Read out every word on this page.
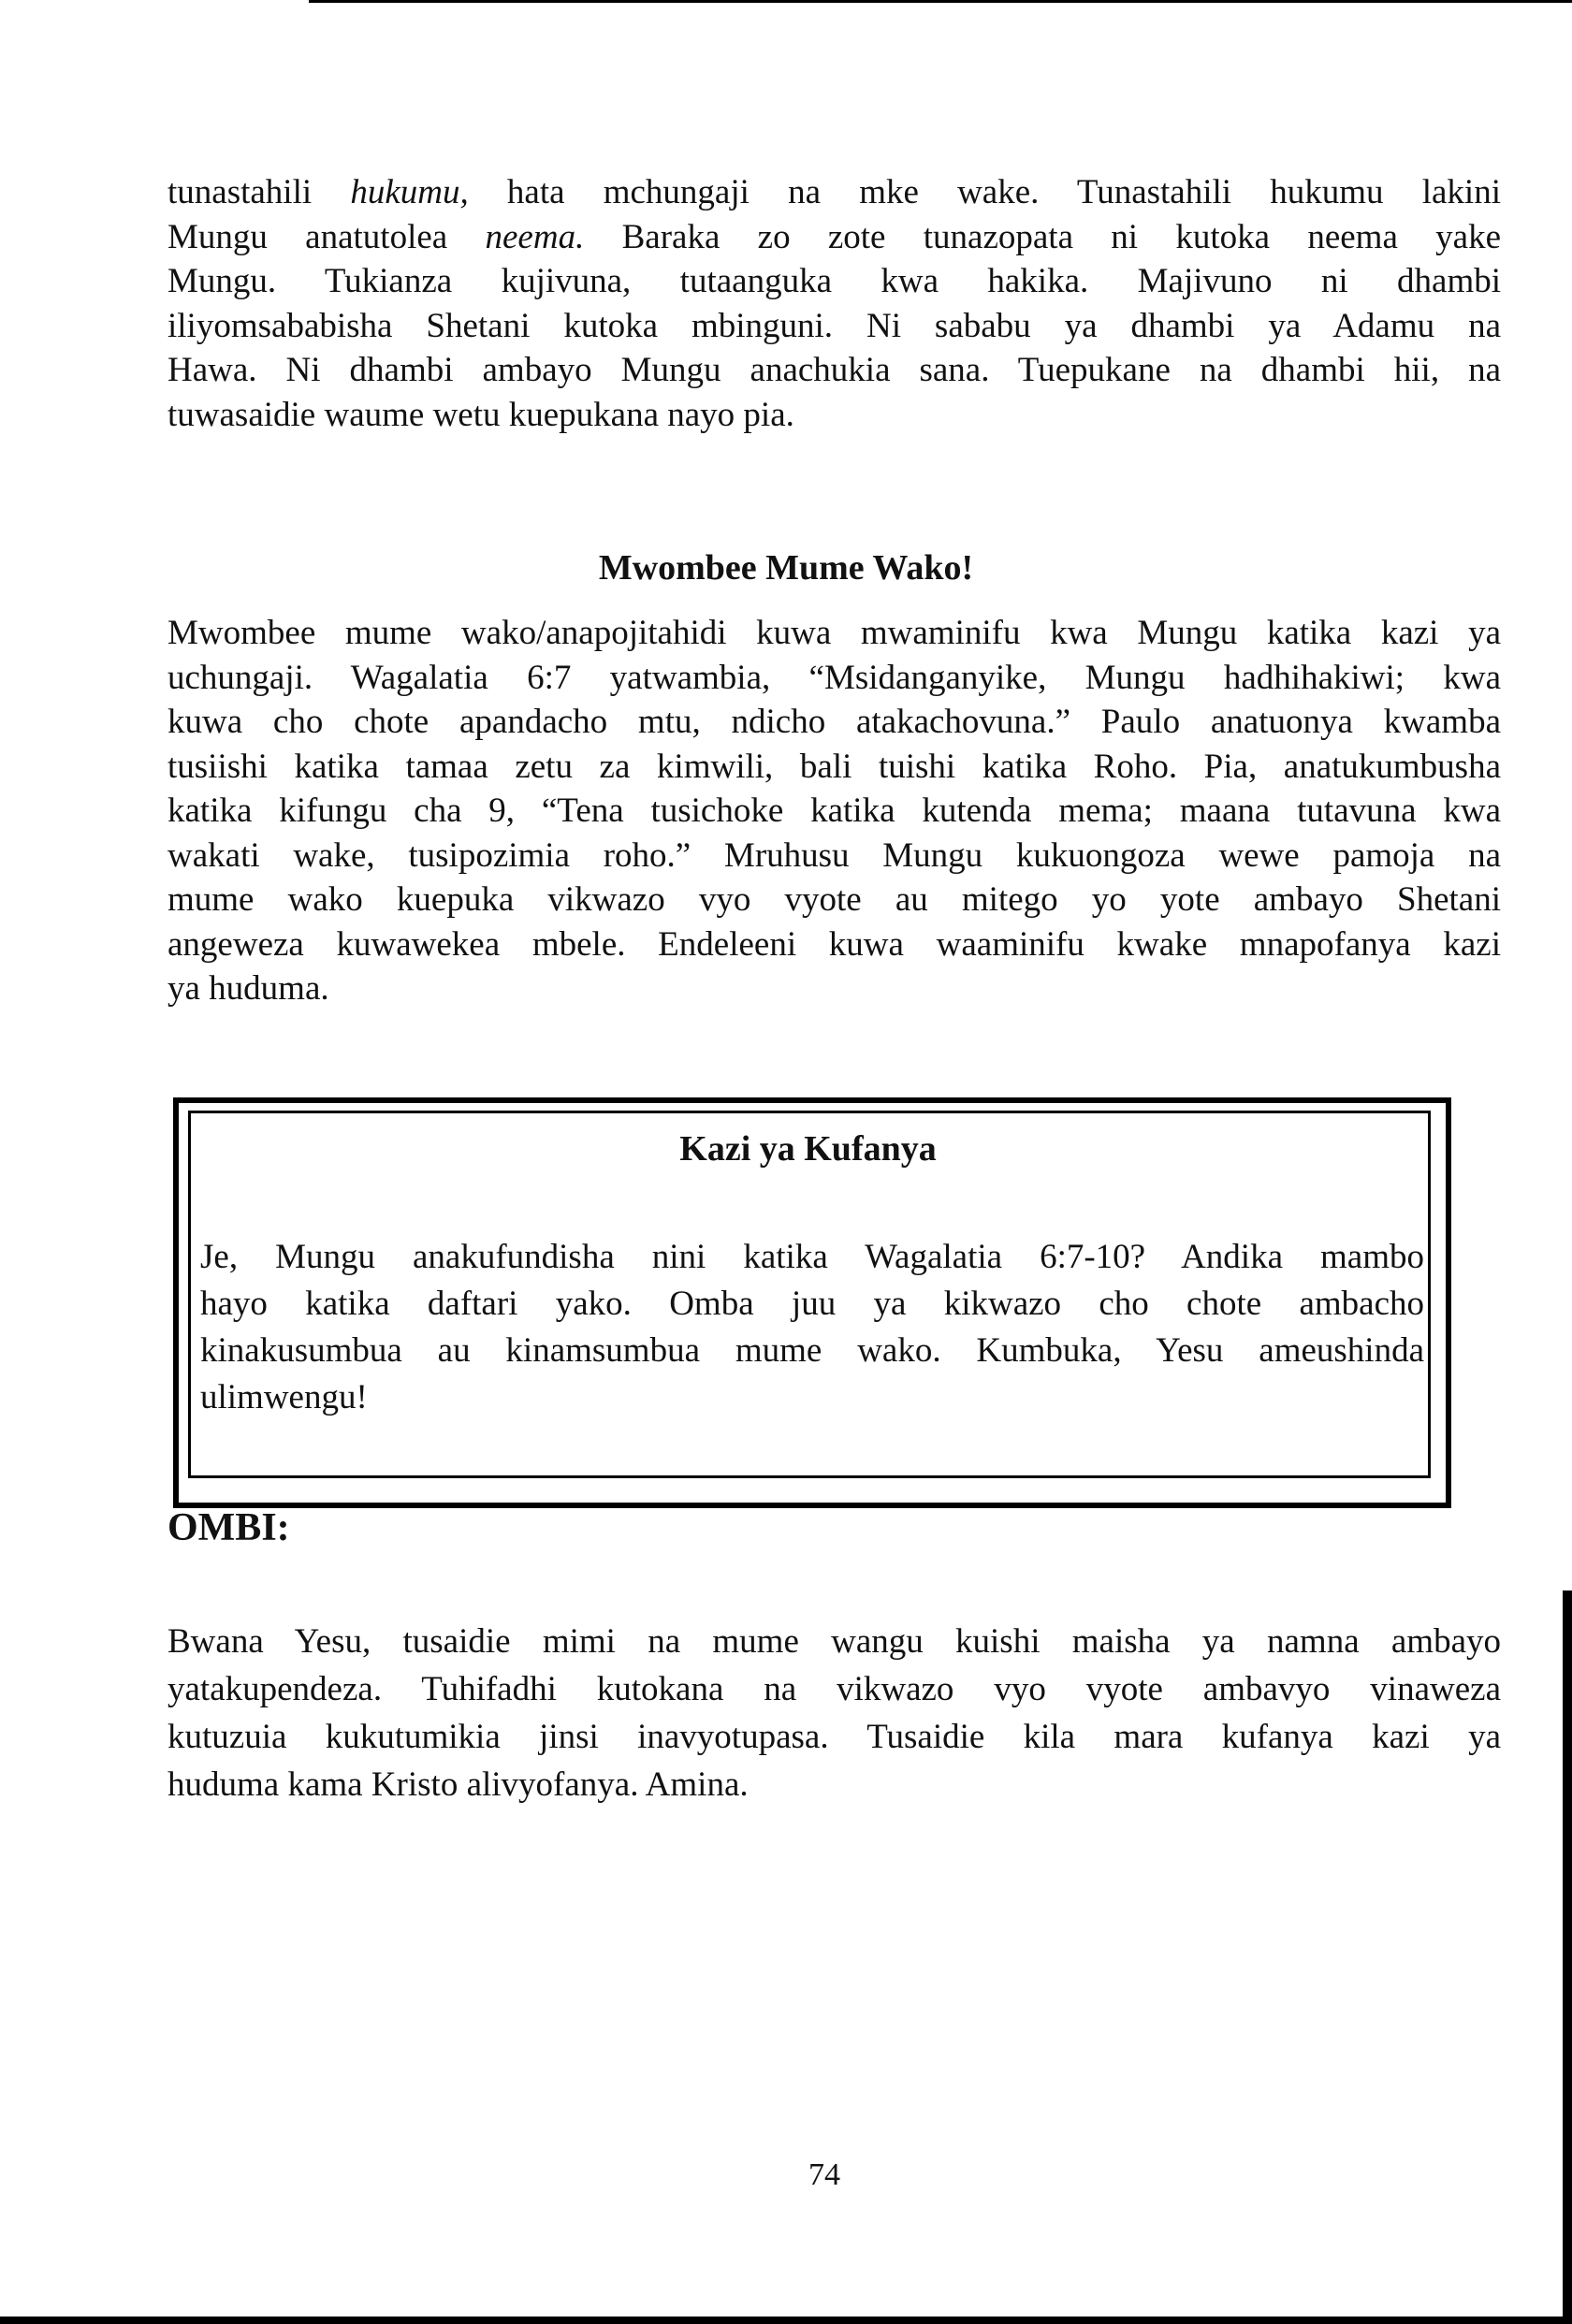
tunastahili hukumu, hata mchungaji na mke wake. Tunastahili hukumu lakini
Mungu anatutolea neema. Baraka zo zote tunazopata ni kutoka neema yake
Mungu. Tukianza kujivuna, tutaanguka kwa hakika. Majivuno ni dhambi
iliyomsababisha Shetani kutoka mbinguni. Ni sababu ya dhambi ya Adamu na
Hawa. Ni dhambi ambayo Mungu anachukia sana. Tuepukane na dhambi hii, na
tuwasaidie waume wetu kuepukana nayo pia.
Mwombee Mume Wako!
Mwombee mume wako/anapojitahidi kuwa mwaminifu kwa Mungu katika kazi ya
uchungaji. Wagalatia 6:7 yatwambia, “Msidanganyike, Mungu hadhihakiwi; kwa
kuwa cho chote apandacho mtu, ndicho atakachovuna.” Paulo anatuonya kwamba
tusiishi katika tamaa zetu za kimwili, bali tuishi katika Roho. Pia, anatukumbusha
katika kifungu cha 9, “Tena tusichoke katika kutenda mema; maana tutavuna kwa
wakati wake, tusipozimia roho.” Mruhusu Mungu kukuongoza wewe pamoja na
mume wako kuepuka vikwazo vyo vyote au mitego yo yote ambayo Shetani
angeweza kuwawekea mbele. Endeleeni kuwa waaminifu kwake mnapofanya kazi
ya huduma.
Kazi ya Kufanya
Je, Mungu anakufundisha nini katika Wagalatia 6:7-10? Andika mambo
hayo katika daftari yako. Omba juu ya kikwazo cho chote ambacho
kinakusumbua au kinamsumbua mume wako. Kumbuka, Yesu ameushinda
ulimwengu!
OMBI:
Bwana Yesu, tusaidie mimi na mume wangu kuishi maisha ya namna ambayo
yatakupendeza. Tuhifadhi kutokana na vikwazo vyo vyote ambavyo vinaweza
kutuzuia kukutumikia jinsi inavyotupasa. Tusaidie kila mara kufanya kazi ya
huduma kama Kristo alivyofanya. Amina.
74
